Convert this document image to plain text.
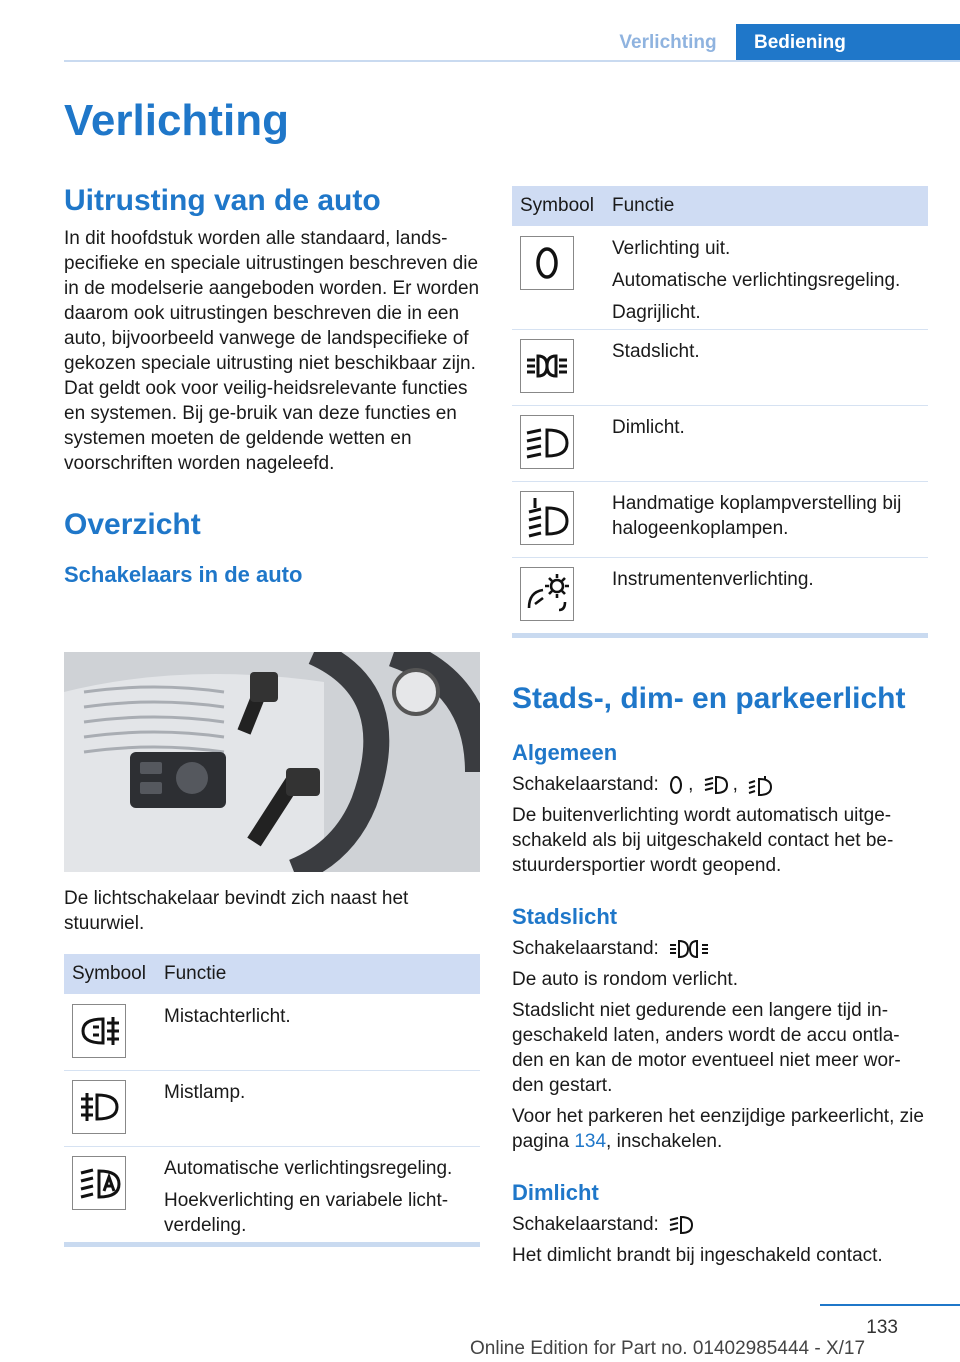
Verlichting	Bediening
Verlichting
Uitrusting van de auto

In dit hoofdstuk worden alle standaard, lands-pecifieke en speciale uitrustingen beschreven die in de modelserie aangeboden worden. Er worden daarom ook uitrustingen beschreven die in een auto, bijvoorbeeld vanwege de landspecifieke of gekozen speciale uitrusting niet beschikbaar zijn. Dat geldt ook voor veilig-heidsrelevante functies en systemen. Bij ge-bruik van deze functies en systemen moeten de geldende wetten en voorschriften worden nageleefd.

Overzicht
Schakelaars in de auto

De lichtschakelaar bevindt zich naast het stuurwiel.

Symbool Functie

Mistachterlicht.

Mistlamp.

Automatische verlichtingsregeling.

Hoekverlichting en variabele licht-verdeling.

Symbool Functie

Verlichting uit.

Automatische verlichtingsregeling.

Dagrijlicht.

Stadslicht.

Dimlicht.

Handmatige koplampverstelling bij halogeenkoplampen.

Instrumentenverlichting.

Stads-, dim- en parkeerlicht
Algemeen

Schakelaarstand: , ,

De buitenverlichting wordt automatisch uitge-schakeld als bij uitgeschakeld contact het be-stuurdersportier wordt geopend.

Stadslicht

Schakelaarstand:

De auto is rondom verlicht.

Stadslicht niet gedurende een langere tijd in-geschakeld laten, anders wordt de accu ontla-den en kan de motor eventueel niet meer wor-den gestart.

Voor het parkeren het eenzijdige parkeerlicht, zie pagina 134, inschakelen.

Dimlicht

Schakelaarstand:

Het dimlicht brandt bij ingeschakeld contact.

133
Online Edition for Part no. 01402985444 - X/17
